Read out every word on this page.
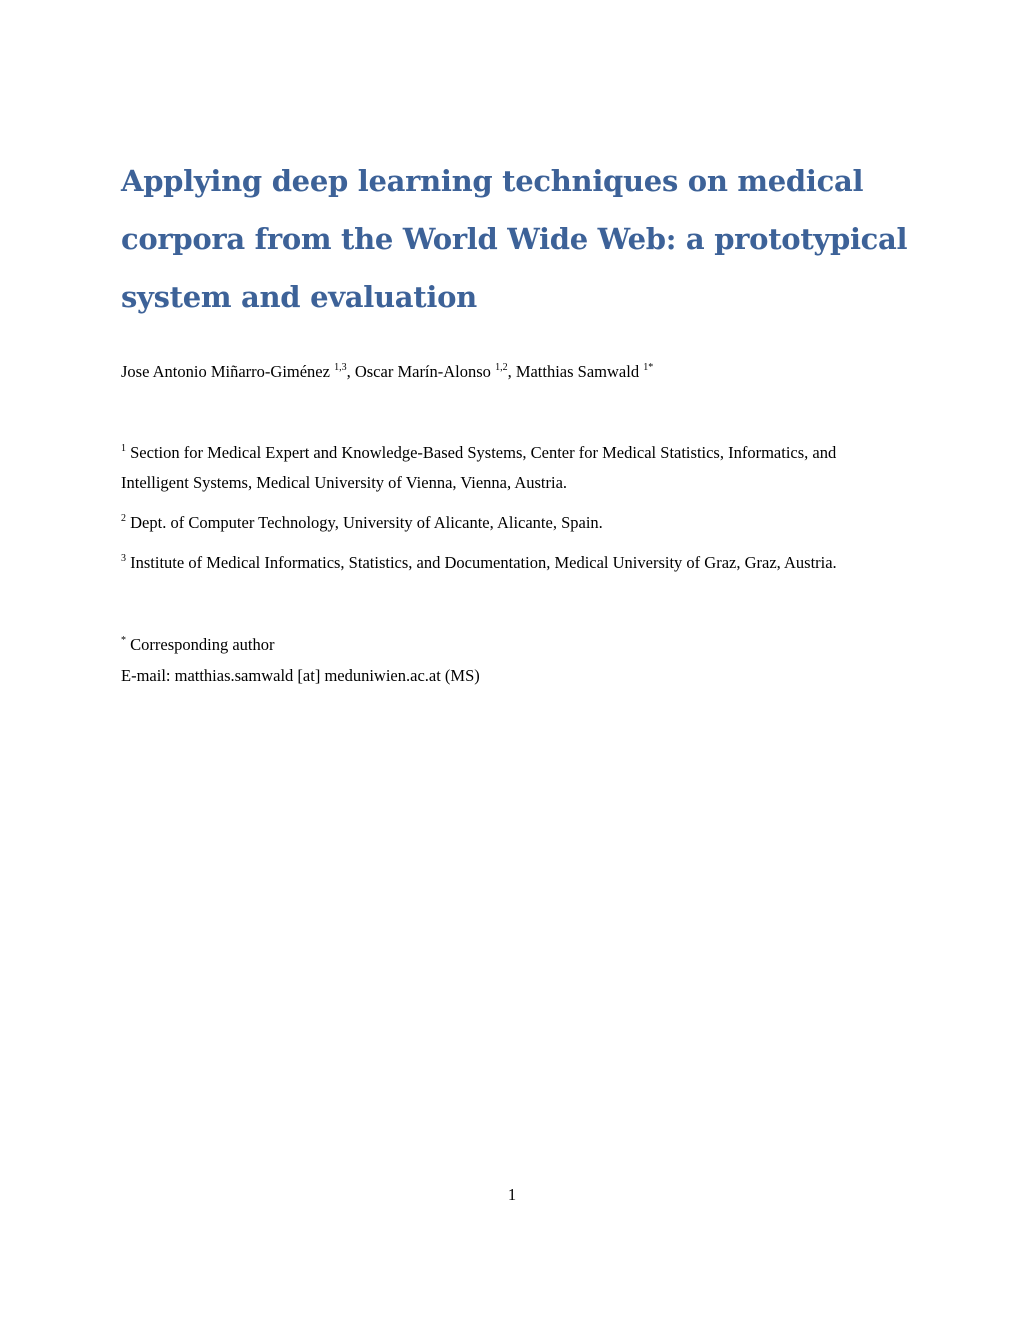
Applying deep learning techniques on medical
corpora from the World Wide Web: a prototypical
system and evaluation
Jose Antonio Miñarro-Giménez $^{1,3}$, Oscar Marín-Alonso $^{1,2}$, Matthias Samwald $^{1*}$
$^1$ Section for Medical Expert and Knowledge-Based Systems, Center for Medical Statistics, Informatics, and
Intelligent Systems, Medical University of Vienna, Vienna, Austria.
$^2$ Dept. of Computer Technology, University of Alicante, Alicante, Spain.
$^3$ Institute of Medical Informatics, Statistics, and Documentation, Medical University of Graz, Graz, Austria.
* Corresponding author
E-mail: matthias.samwald [at] meduniwien.ac.at (MS)
1
